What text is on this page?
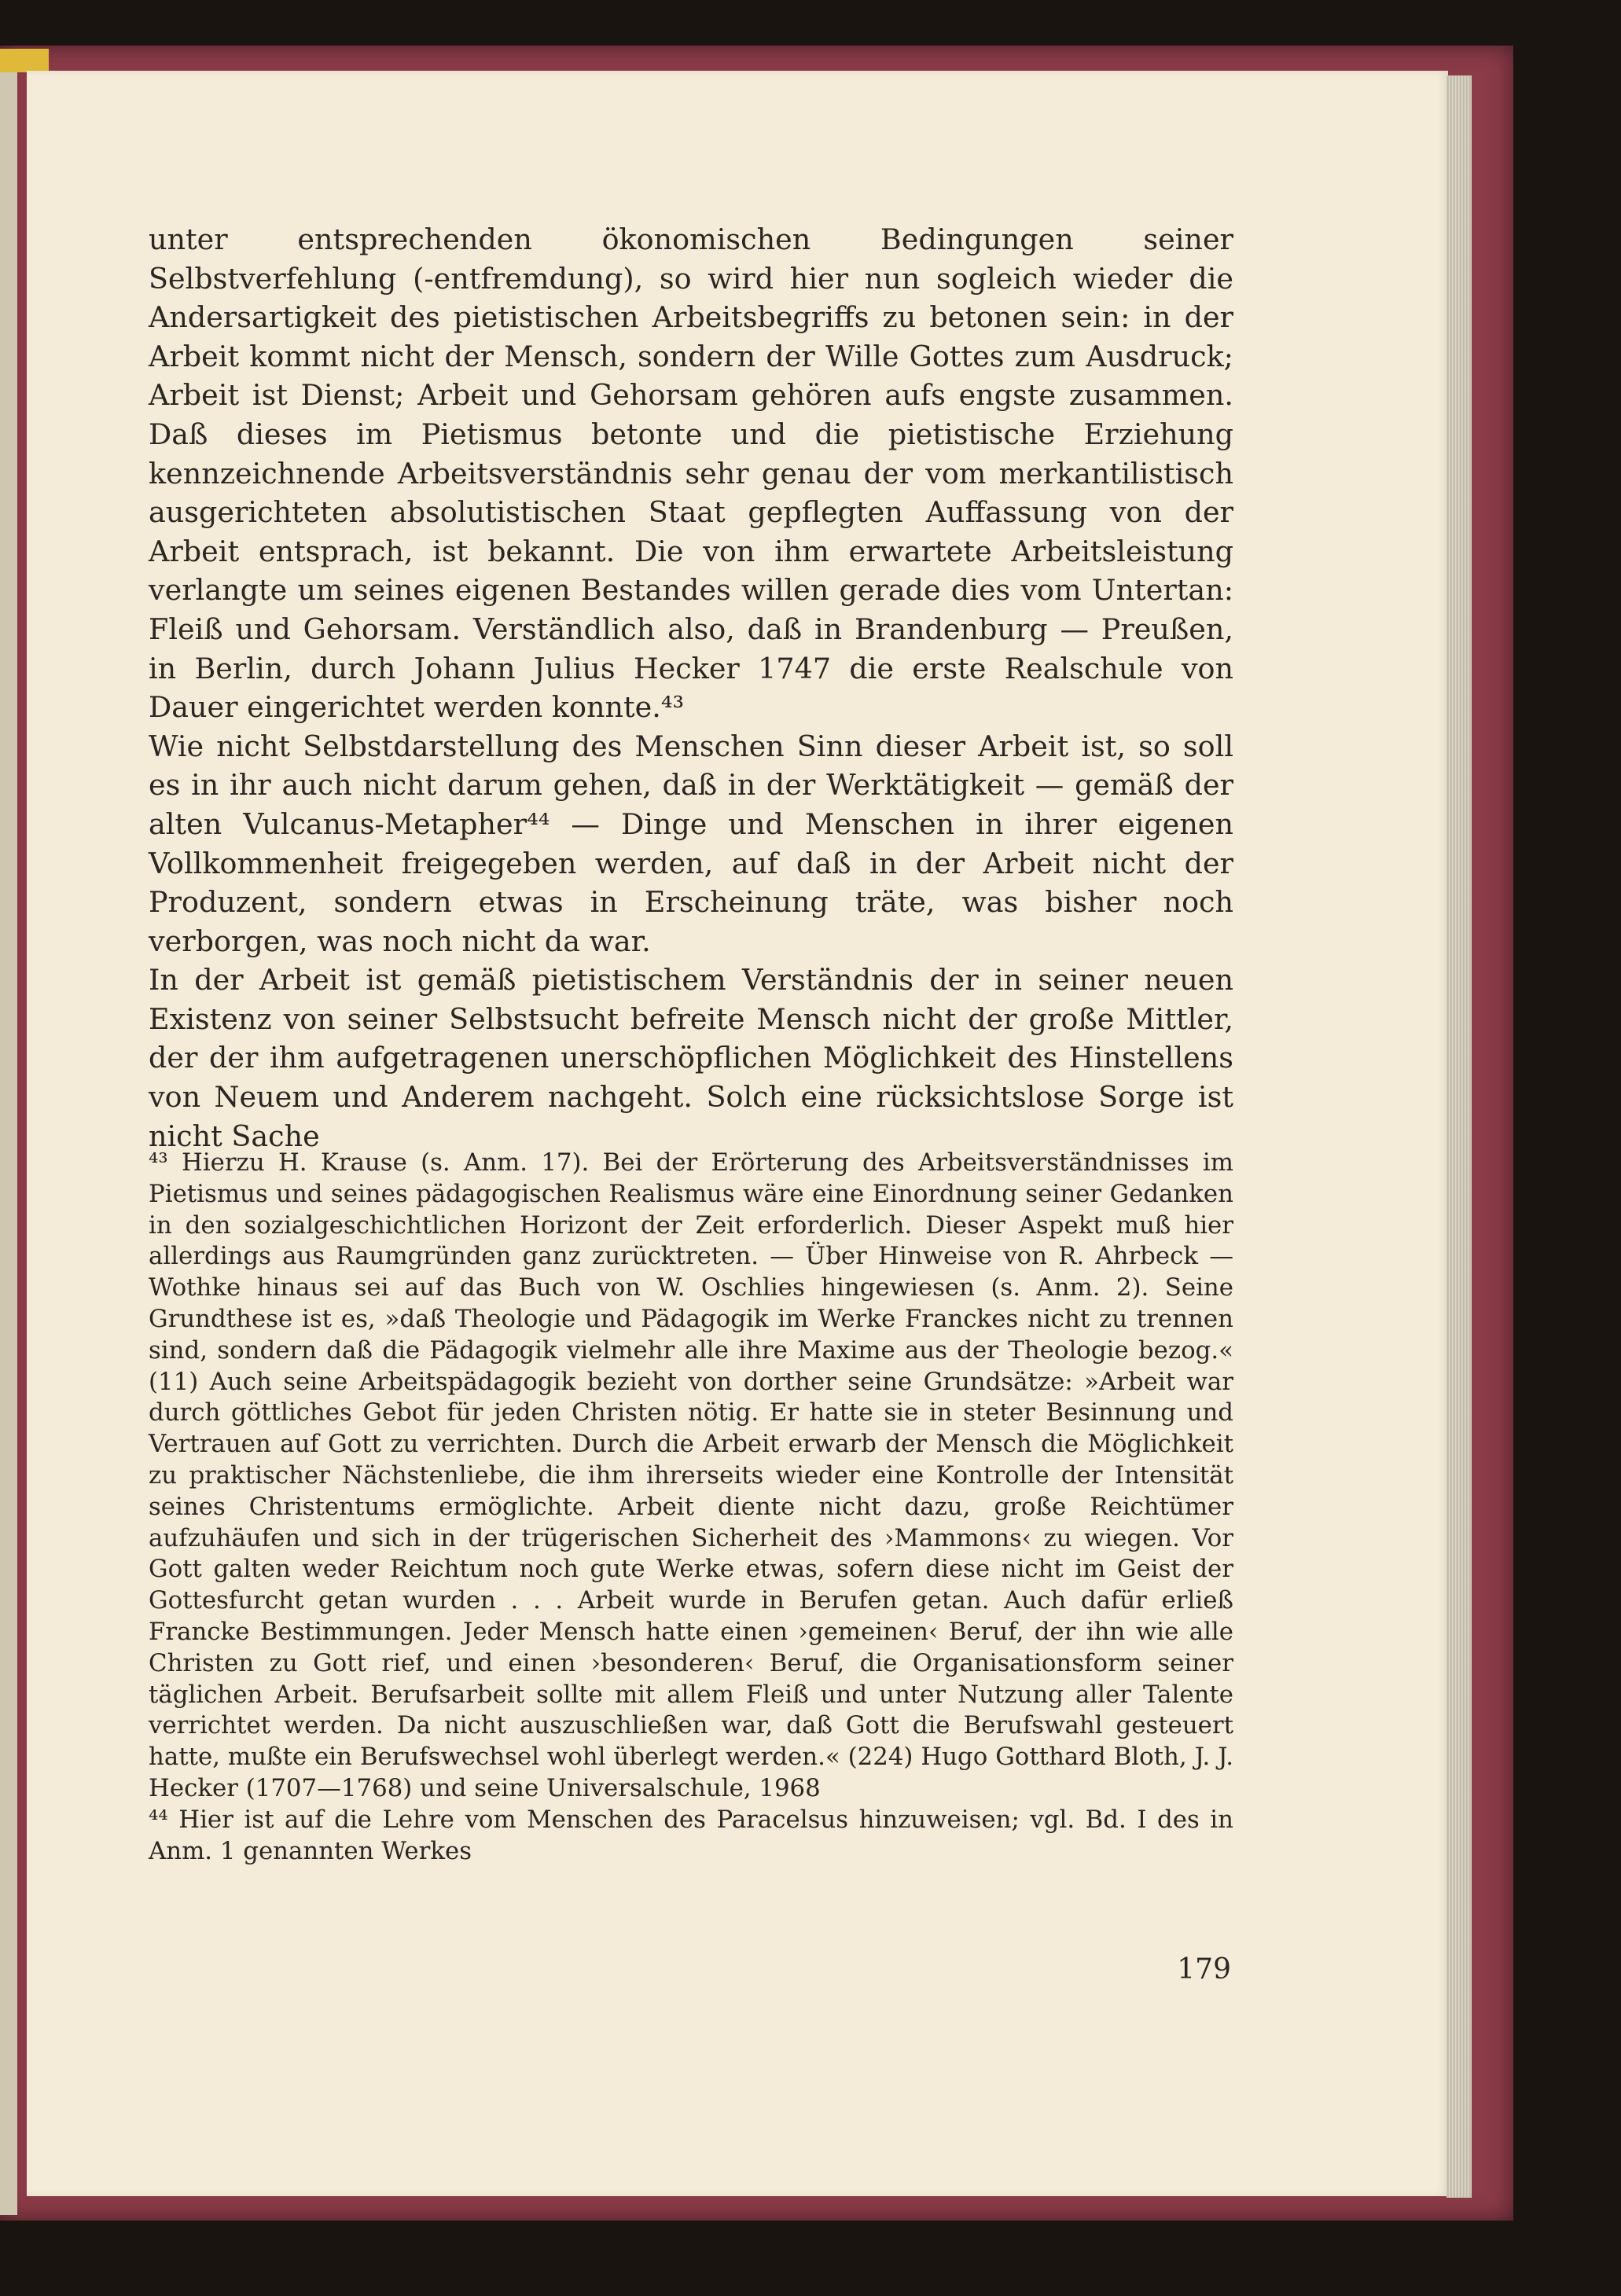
unter entsprechenden ökonomischen Bedingungen seiner Selbstverfehlung (-entfremdung), so wird hier nun sogleich wieder die Andersartigkeit des pietistischen Arbeitsbegriffs zu betonen sein: in der Arbeit kommt nicht der Mensch, sondern der Wille Gottes zum Ausdruck; Arbeit ist Dienst; Arbeit und Gehorsam gehören aufs engste zusammen. Daß dieses im Pietismus betonte und die pietistische Erziehung kennzeichnende Arbeitsverständnis sehr genau der vom merkantilistisch ausgerichteten absolutistischen Staat gepflegten Auffassung von der Arbeit entsprach, ist bekannt. Die von ihm erwartete Arbeitsleistung verlangte um seines eigenen Bestandes willen gerade dies vom Untertan: Fleiß und Gehorsam. Verständlich also, daß in Brandenburg — Preußen, in Berlin, durch Johann Julius Hecker 1747 die erste Realschule von Dauer eingerichtet werden konnte.⁴³

Wie nicht Selbstdarstellung des Menschen Sinn dieser Arbeit ist, so soll es in ihr auch nicht darum gehen, daß in der Werktätigkeit — gemäß der alten Vulcanus-Metapher⁴⁴ — Dinge und Menschen in ihrer eigenen Vollkommenheit freigegeben werden, auf daß in der Arbeit nicht der Produzent, sondern etwas in Erscheinung träte, was bisher noch verborgen, was noch nicht da war.

In der Arbeit ist gemäß pietistischem Verständnis der in seiner neuen Existenz von seiner Selbstsucht befreite Mensch nicht der große Mittler, der der ihm aufgetragenen unerschöpflichen Möglichkeit des Hinstellens von Neuem und Anderem nachgeht. Solch eine rücksichtslose Sorge ist nicht Sache

⁴³ Hierzu H. Krause (s. Anm. 17). Bei der Erörterung des Arbeitsverständnisses im Pietismus und seines pädagogischen Realismus wäre eine Einordnung seiner Gedanken in den sozialgeschichtlichen Horizont der Zeit erforderlich. Dieser Aspekt muß hier allerdings aus Raumgründen ganz zurücktreten. — Über Hinweise von R. Ahrbeck — Wothke hinaus sei auf das Buch von W. Oschlies hingewiesen (s. Anm. 2). Seine Grundthese ist es, »daß Theologie und Pädagogik im Werke Franckes nicht zu trennen sind, sondern daß die Pädagogik vielmehr alle ihre Maxime aus der Theologie bezog.« (11) Auch seine Arbeitspädagogik bezieht von dorther seine Grundsätze: »Arbeit war durch göttliches Gebot für jeden Christen nötig. Er hatte sie in steter Besinnung und Vertrauen auf Gott zu verrichten. Durch die Arbeit erwarb der Mensch die Möglichkeit zu praktischer Nächstenliebe, die ihm ihrerseits wieder eine Kontrolle der Intensität seines Christentums ermöglichte. Arbeit diente nicht dazu, große Reichtümer aufzuhäufen und sich in der trügerischen Sicherheit des ›Mammons‹ zu wiegen. Vor Gott galten weder Reichtum noch gute Werke etwas, sofern diese nicht im Geist der Gottesfurcht getan wurden . . . Arbeit wurde in Berufen getan. Auch dafür erließ Francke Bestimmungen. Jeder Mensch hatte einen ›gemeinen‹ Beruf, der ihn wie alle Christen zu Gott rief, und einen ›besonderen‹ Beruf, die Organisationsform seiner täglichen Arbeit. Berufsarbeit sollte mit allem Fleiß und unter Nutzung aller Talente verrichtet werden. Da nicht auszuschließen war, daß Gott die Berufswahl gesteuert hatte, mußte ein Berufswechsel wohl überlegt werden.« (224) Hugo Gotthard Bloth, J. J. Hecker (1707—1768) und seine Universalschule, 1968

⁴⁴ Hier ist auf die Lehre vom Menschen des Paracelsus hinzuweisen; vgl. Bd. I des in Anm. 1 genannten Werkes

179
